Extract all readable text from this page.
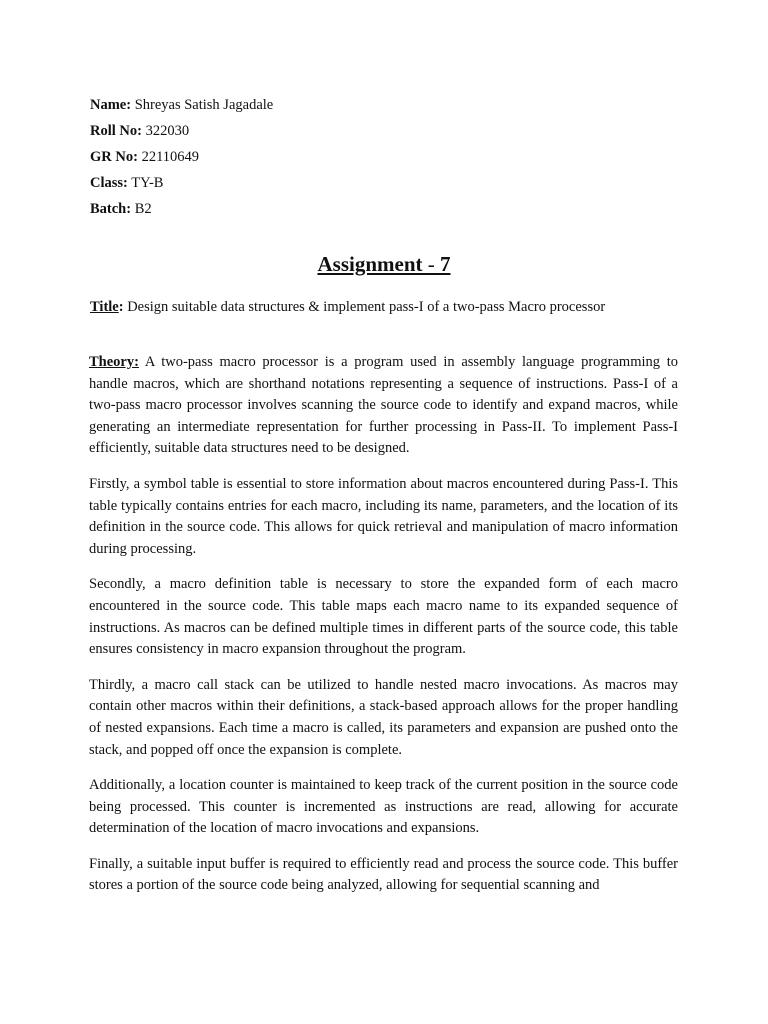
Name: Shreyas Satish Jagadale
Roll No: 322030
GR No: 22110649
Class: TY-B
Batch: B2
Assignment - 7
Title: Design suitable data structures & implement pass-I of a two-pass Macro processor

Theory: A two-pass macro processor is a program used in assembly language programming to handle macros, which are shorthand notations representing a sequence of instructions. Pass-I of a two-pass macro processor involves scanning the source code to identify and expand macros, while generating an intermediate representation for further processing in Pass-II. To implement Pass-I efficiently, suitable data structures need to be designed.

Firstly, a symbol table is essential to store information about macros encountered during Pass-I. This table typically contains entries for each macro, including its name, parameters, and the location of its definition in the source code. This allows for quick retrieval and manipulation of macro information during processing.

Secondly, a macro definition table is necessary to store the expanded form of each macro encountered in the source code. This table maps each macro name to its expanded sequence of instructions. As macros can be defined multiple times in different parts of the source code, this table ensures consistency in macro expansion throughout the program.

Thirdly, a macro call stack can be utilized to handle nested macro invocations. As macros may contain other macros within their definitions, a stack-based approach allows for the proper handling of nested expansions. Each time a macro is called, its parameters and expansion are pushed onto the stack, and popped off once the expansion is complete.

Additionally, a location counter is maintained to keep track of the current position in the source code being processed. This counter is incremented as instructions are read, allowing for accurate determination of the location of macro invocations and expansions.

Finally, a suitable input buffer is required to efficiently read and process the source code. This buffer stores a portion of the source code being analyzed, allowing for sequential scanning and
